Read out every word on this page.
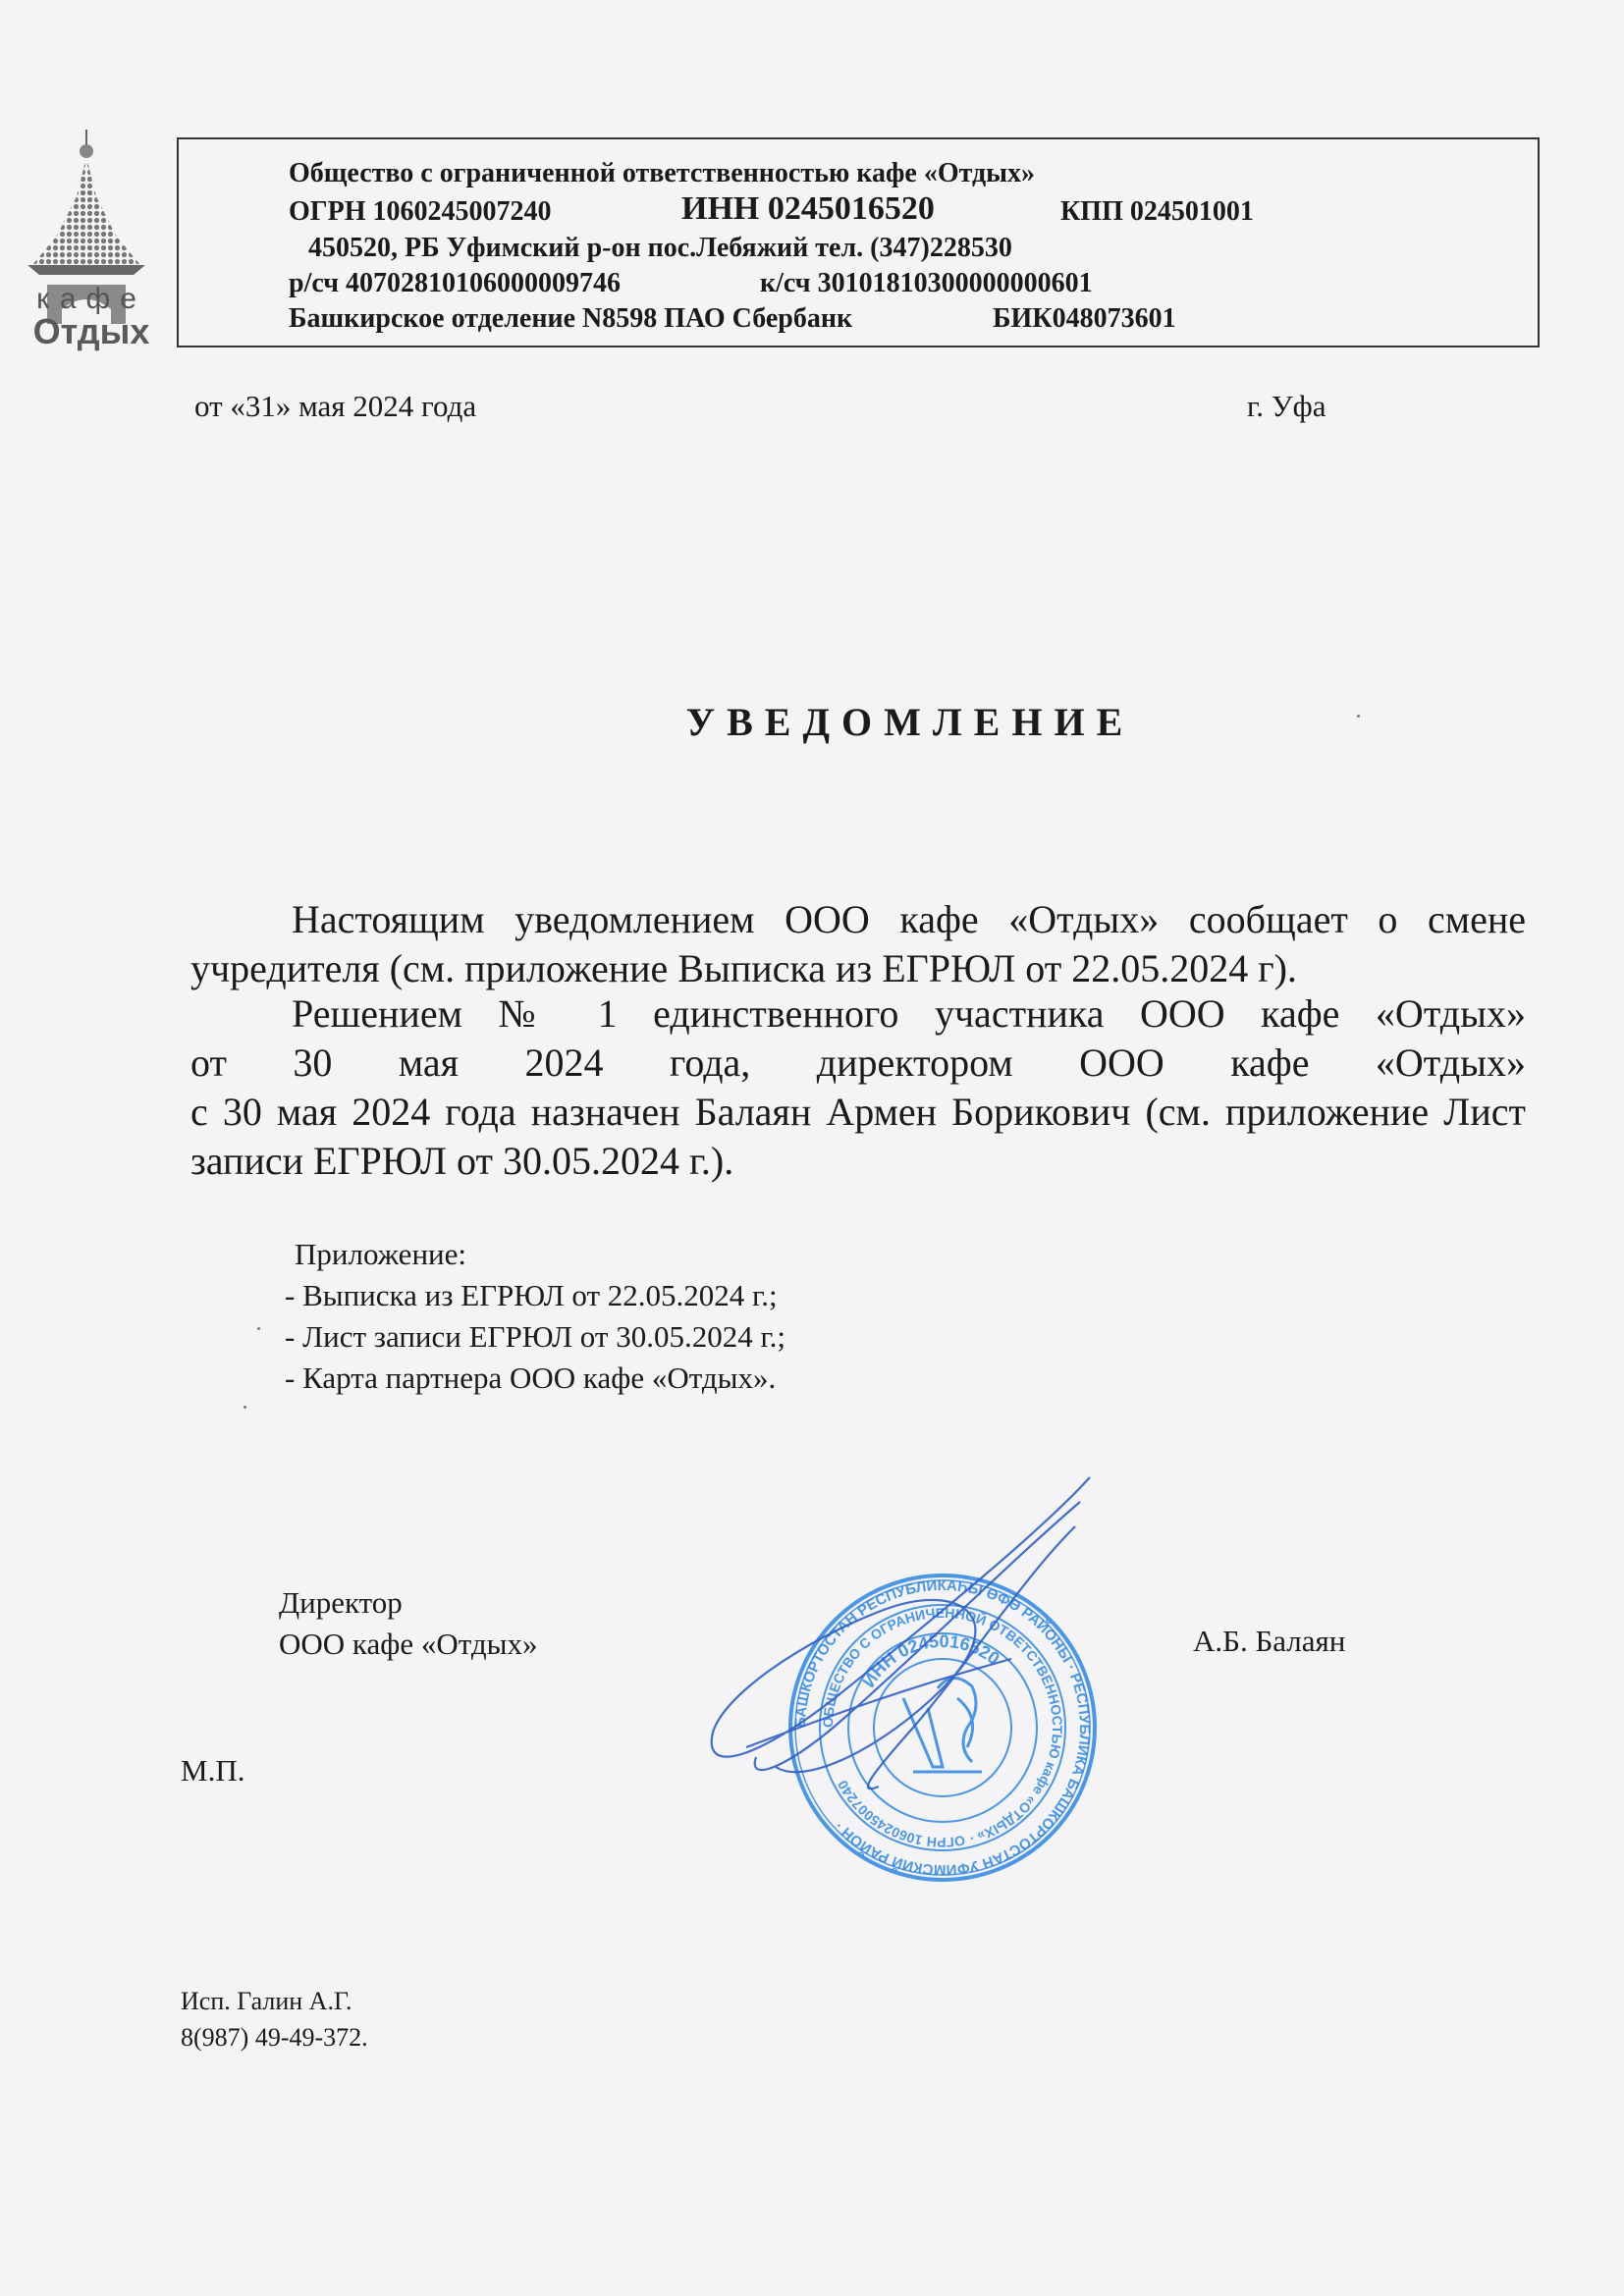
кафе
Отдых
Общество с ограниченной ответственностью кафе «Отдых»
ОГРН 1060245007240	ИНН 0245016520	КПП 024501001
450520, РБ Уфимский р-он пос.Лебяжий тел. (347)228530
р/сч 40702810106000009746	к/сч 30101810300000000601
Башкирское отделение N8598 ПАО Сбербанк	БИК048073601
от «31» мая 2024 года	г. Уфа
УВЕДОМЛЕНИЕ

Настоящим уведомлением ООО кафе «Отдых» сообщает о смене учредителя (см. приложение Выписка из ЕГРЮЛ от 22.05.2024 г).

Решением № 1 единственного участника ООО кафе «Отдых»

от 30 мая 2024 года, директором ООО кафе «Отдых»

с 30 мая 2024 года назначен Балаян Армен Борикович (см. приложение Лист записи ЕГРЮЛ от 30.05.2024 г.).

Приложение:
- Выписка из ЕГРЮЛ от 22.05.2024 г.;
- Лист записи ЕГРЮЛ от 30.05.2024 г.;
- Карта партнера ООО кафе «Отдых».
Директор
ООО кафе «Отдых»	А.Б. Балаян
М.П.
БАШКОРТОСТАН РЕСПУБЛИКАҺЫ ӨФӨ РАЙОНЫ · РЕСПУБЛИКА БАШКОРТОСТАН УФИМСКИЙ РАЙОН ·
ОБЩЕСТВО С ОГРАНИЧЕННОЙ ОТВЕТСТВЕННОСТЬЮ кафе «ОТДЫХ» · ОГРН 1060245007240
ИНН 0245016520
Исп. Галин А.Г.
8(987) 49-49-372.
